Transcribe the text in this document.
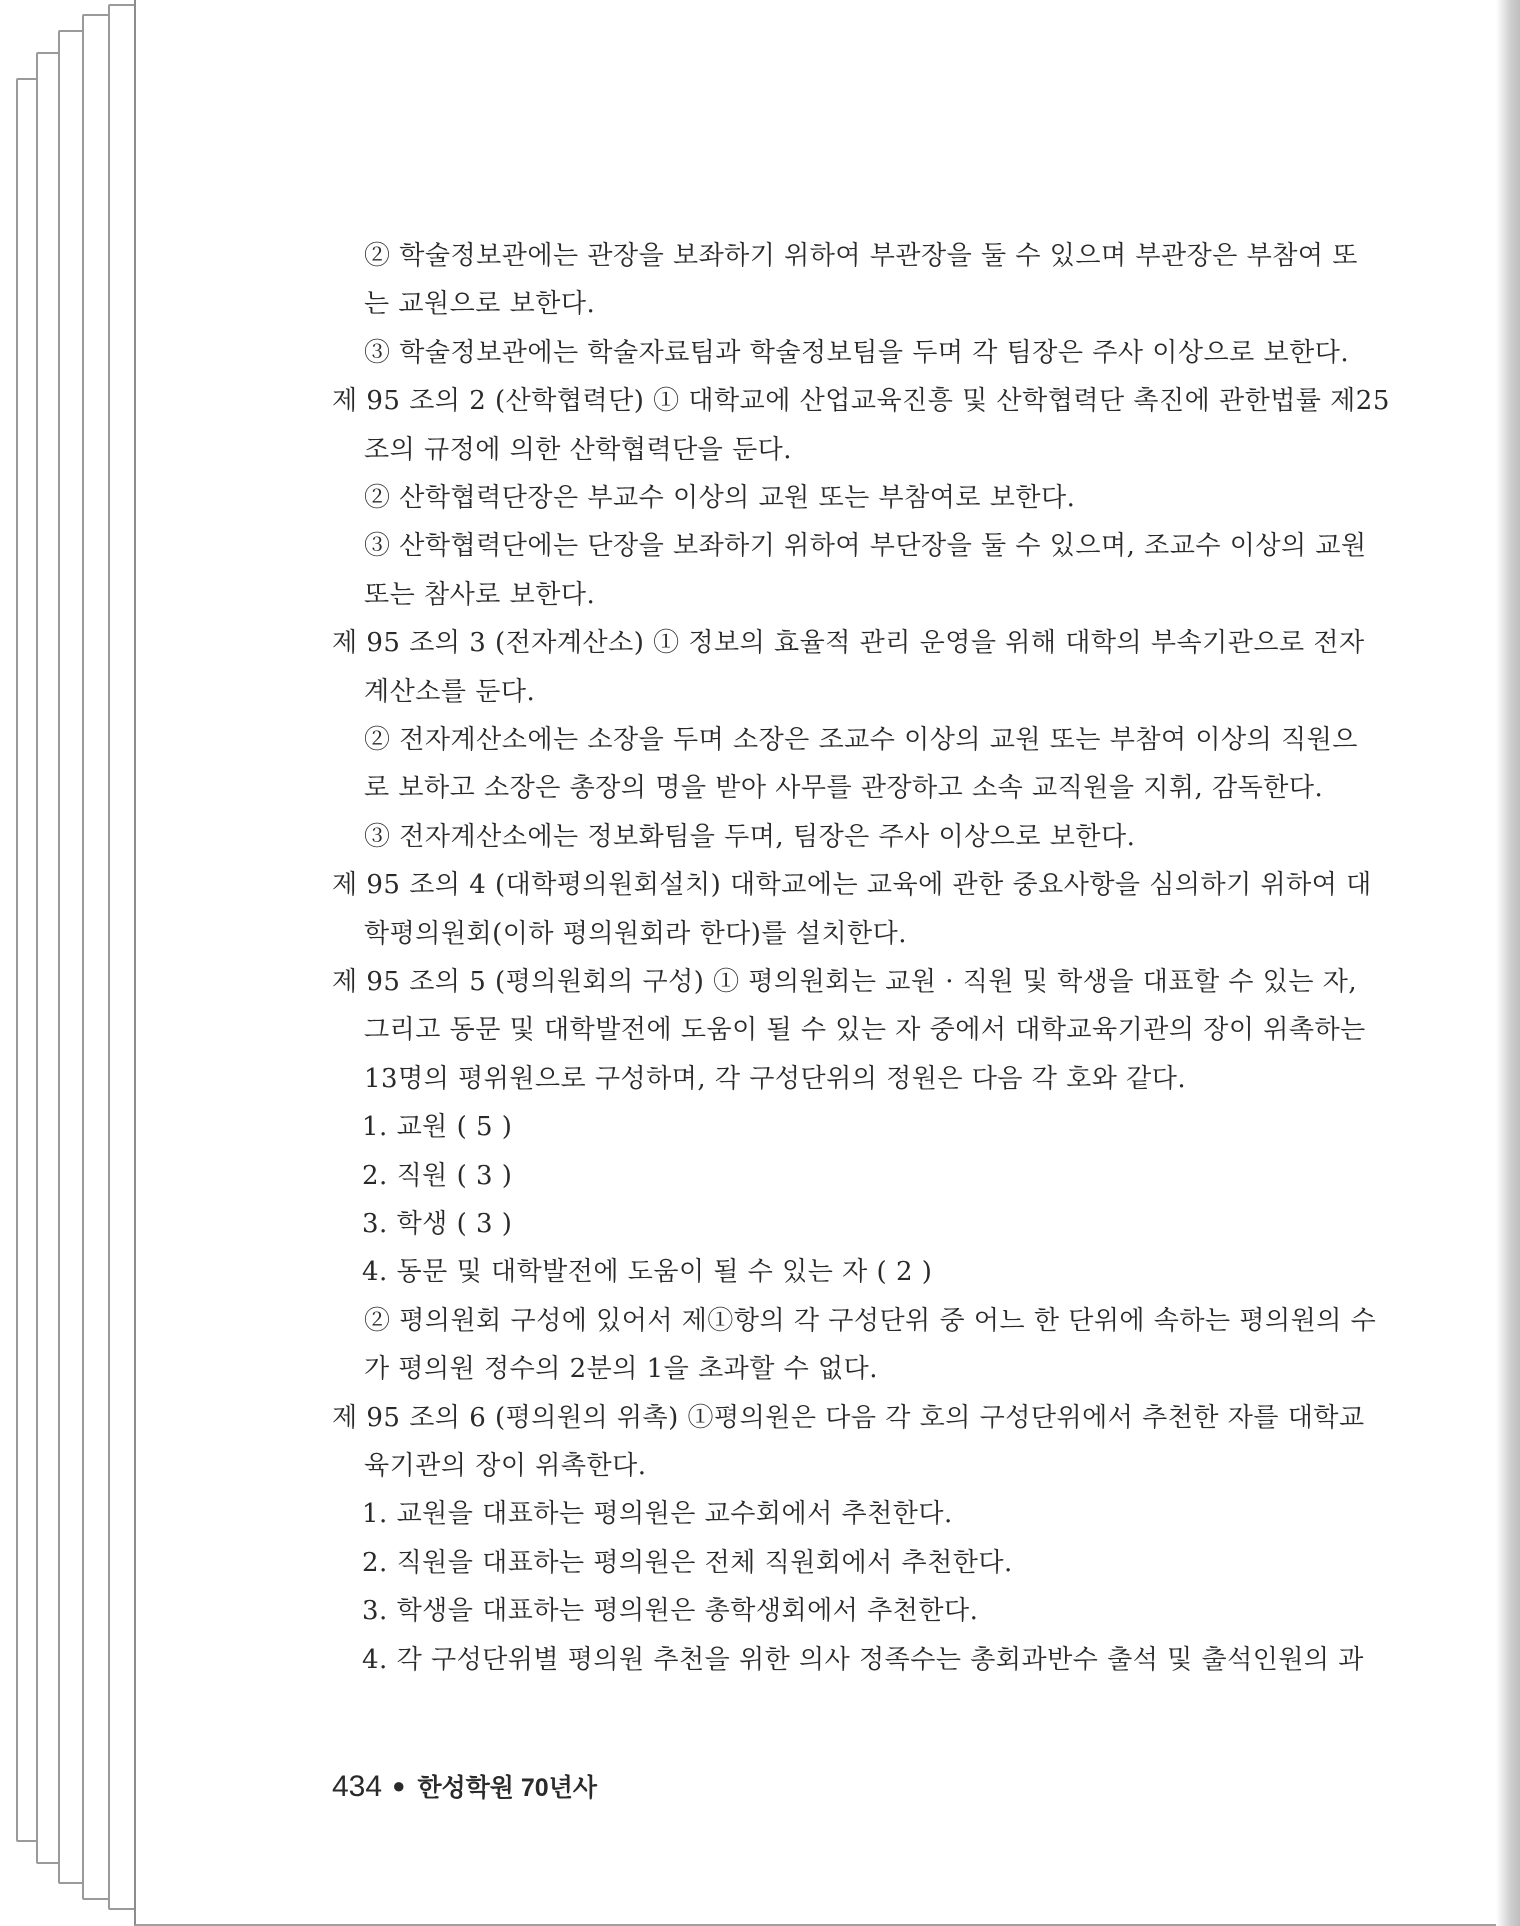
② 학술정보관에는 관장을 보좌하기 위하여 부관장을 둘 수 있으며 부관장은 부참여 또
는 교원으로 보한다.
③ 학술정보관에는 학술자료팀과 학술정보팀을 두며 각 팀장은 주사 이상으로 보한다.
제 95 조의 2 (산학협력단) ① 대학교에 산업교육진흥 및 산학협력단 촉진에 관한법률 제25
조의 규정에 의한 산학협력단을 둔다.
② 산학협력단장은 부교수 이상의 교원 또는 부참여로 보한다.
③ 산학협력단에는 단장을 보좌하기 위하여 부단장을 둘 수 있으며, 조교수 이상의 교원
또는 참사로 보한다.
제 95 조의 3 (전자계산소) ① 정보의 효율적 관리 운영을 위해 대학의 부속기관으로 전자
계산소를 둔다.
② 전자계산소에는 소장을 두며 소장은 조교수 이상의 교원 또는 부참여 이상의 직원으
로 보하고 소장은 총장의 명을 받아 사무를 관장하고 소속 교직원을 지휘, 감독한다.
③ 전자계산소에는 정보화팀을 두며, 팀장은 주사 이상으로 보한다.
제 95 조의 4 (대학평의원회설치) 대학교에는 교육에 관한 중요사항을 심의하기 위하여 대
학평의원회(이하 평의원회라 한다)를 설치한다.
제 95 조의 5 (평의원회의 구성) ① 평의원회는 교원 · 직원 및 학생을 대표할 수 있는 자,
그리고 동문 및 대학발전에 도움이 될 수 있는 자 중에서 대학교육기관의 장이 위촉하는
13명의 평위원으로 구성하며, 각 구성단위의 정원은 다음 각 호와 같다.
1. 교원 ( 5 )
2. 직원 ( 3 )
3. 학생 ( 3 )
4. 동문 및 대학발전에 도움이 될 수 있는 자 ( 2 )
② 평의원회 구성에 있어서 제①항의 각 구성단위 중 어느 한 단위에 속하는 평의원의 수
가 평의원 정수의 2분의 1을 초과할 수 없다.
제 95 조의 6 (평의원의 위촉) ①평의원은 다음 각 호의 구성단위에서 추천한 자를 대학교
육기관의 장이 위촉한다.
1. 교원을 대표하는 평의원은 교수회에서 추천한다.
2. 직원을 대표하는 평의원은 전체 직원회에서 추천한다.
3. 학생을 대표하는 평의원은 총학생회에서 추천한다.
4. 각 구성단위별 평의원 추천을 위한 의사 정족수는 총회과반수 출석 및 출석인원의 과
434 ● 한성학원 70년사
